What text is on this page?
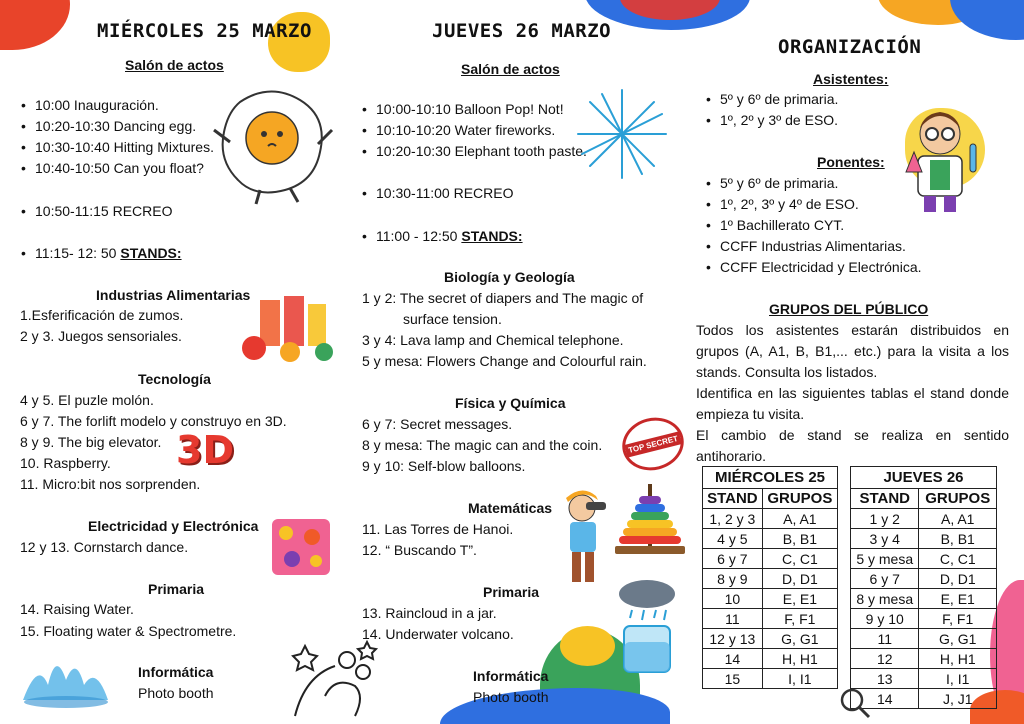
MIÉRCOLES 25 MARZO
Salón de actos
• 10:00 Inauguración.
• 10:20-10:30 Dancing egg.
• 10:30-10:40 Hitting Mixtures.
• 10:40-10:50 Can you float?
• 10:50-11:15 RECREO
• 11:15- 12: 50 STANDS:
Industrias Alimentarias
1.Esferificación de zumos.
2 y 3. Juegos sensoriales.
Tecnología
4 y 5. El puzle molón.
6 y 7. The forlift modelo y construyo en 3D.
8 y 9. The big elevator.
10. Raspberry.
11. Micro:bit nos sorprenden.
Electricidad y Electrónica
12 y 13. Cornstarch dance.
Primaria
14. Raising Water.
15. Floating water & Spectrometre.
Informática
Photo booth
3D
JUEVES 26 MARZO
Salón de actos
• 10:00-10:10 Balloon Pop! Not!
• 10:10-10:20 Water fireworks.
• 10:20-10:30 Elephant tooth paste.
• 10:30-11:00 RECREO
• 11:00 - 12:50 STANDS:
Biología y Geología
1 y 2: The secret of diapers and The magic of
surface tension.
3 y 4: Lava lamp and Chemical telephone.
5 y mesa: Flowers Change and Colourful rain.
Física y Química
6 y 7: Secret messages.
8 y mesa: The magic can and the coin.
9 y 10: Self-blow balloons.
Matemáticas
11. Las Torres de Hanoi.
12. “ Buscando T”.
Primaria
13. Raincloud in a jar.
14. Underwater volcano.
Informática
Photo booth
TOP SECRET
ORGANIZACIÓN
Asistentes:
• 5º y 6º de primaria.
• 1º, 2º y 3º de ESO.
Ponentes:
• 5º y 6º de primaria.
• 1º, 2º, 3º y 4º de ESO.
• 1º Bachillerato CYT.
• CCFF Industrias Alimentarias.
• CCFF Electricidad y Electrónica.
GRUPOS DEL PÚBLICO
Todos los asistentes estarán distribuidos en grupos (A, A1, B, B1,... etc.) para la visita a los stands. Consulta los listados.
Identifica en las siguientes tablas el stand donde empieza tu visita.
El cambio de stand se realiza en sentido antihorario.
MIÉRCOLES 25	
STAND	GRUPOS
1, 2 y 3	A, A1
4 y 5	B, B1
6 y 7	C, C1
8 y 9	D, D1
10	E, E1
11	F, F1
12 y 13	G, G1
14	H, H1
15	I, I1
JUEVES 26	
STAND	GRUPOS
1 y 2	A, A1
3 y 4	B, B1
5 y mesa	C, C1
6 y 7	D, D1
8 y mesa	E, E1
9 y 10	F, F1
11	G, G1
12	H, H1
13	I, I1
14	J, J1
